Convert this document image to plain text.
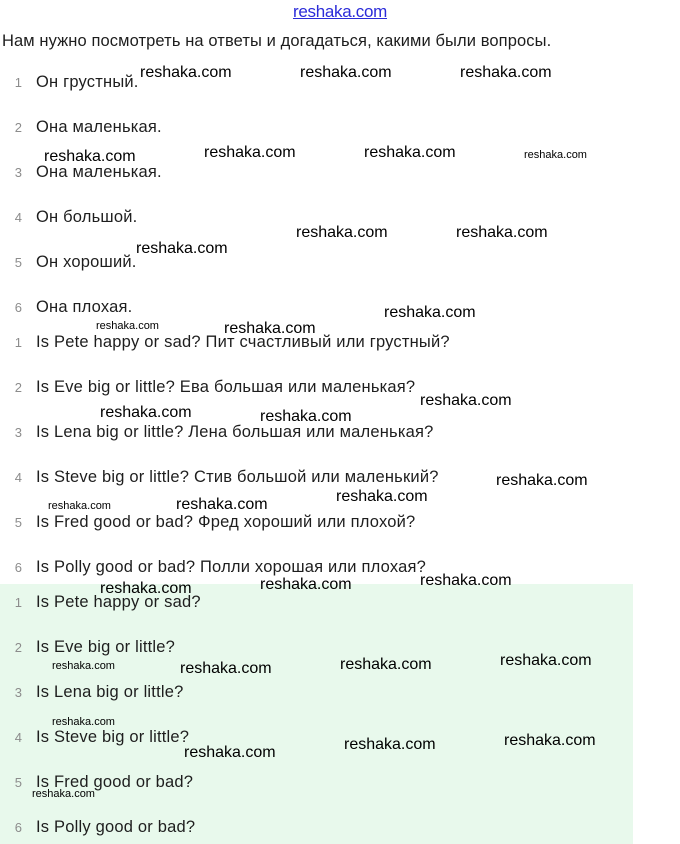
reshaka.com
Нам нужно посмотреть на ответы и догадаться, какими были вопросы.
1 Он грустный.
2 Она маленькая.
3 Она маленькая.
4 Он большой.
5 Он хороший.
6 Она плохая.
1 Is Pete happy or sad? Пит счастливый или грустный?
2 Is Eve big or little? Ева большая или маленькая?
3 Is Lena big or little? Лена большая или маленькая?
4 Is Steve big or little? Стив большой или маленький?
5 Is Fred good or bad? Фред хороший или плохой?
6 Is Polly good or bad? Полли хорошая или плохая?
1 Is Pete happy or sad?
2 Is Eve big or little?
3 Is Lena big or little?
4 Is Steve big or little?
5 Is Fred good or bad?
6 Is Polly good or bad?
reshaka.com	reshaka.com	reshaka.com
reshaka.com	reshaka.com	reshaka.com	reshaka.com
reshaka.com	reshaka.com
reshaka.com
reshaka.com
reshaka.com	reshaka.com
reshaka.com
reshaka.com	reshaka.com
reshaka.com
reshaka.com
reshaka.com	reshaka.com
reshaka.com
reshaka.com
reshaka.com
reshaka.com
reshaka.com
reshaka.com	reshaka.com
reshaka.com
reshaka.com
reshaka.com
reshaka.com
reshaka.com
